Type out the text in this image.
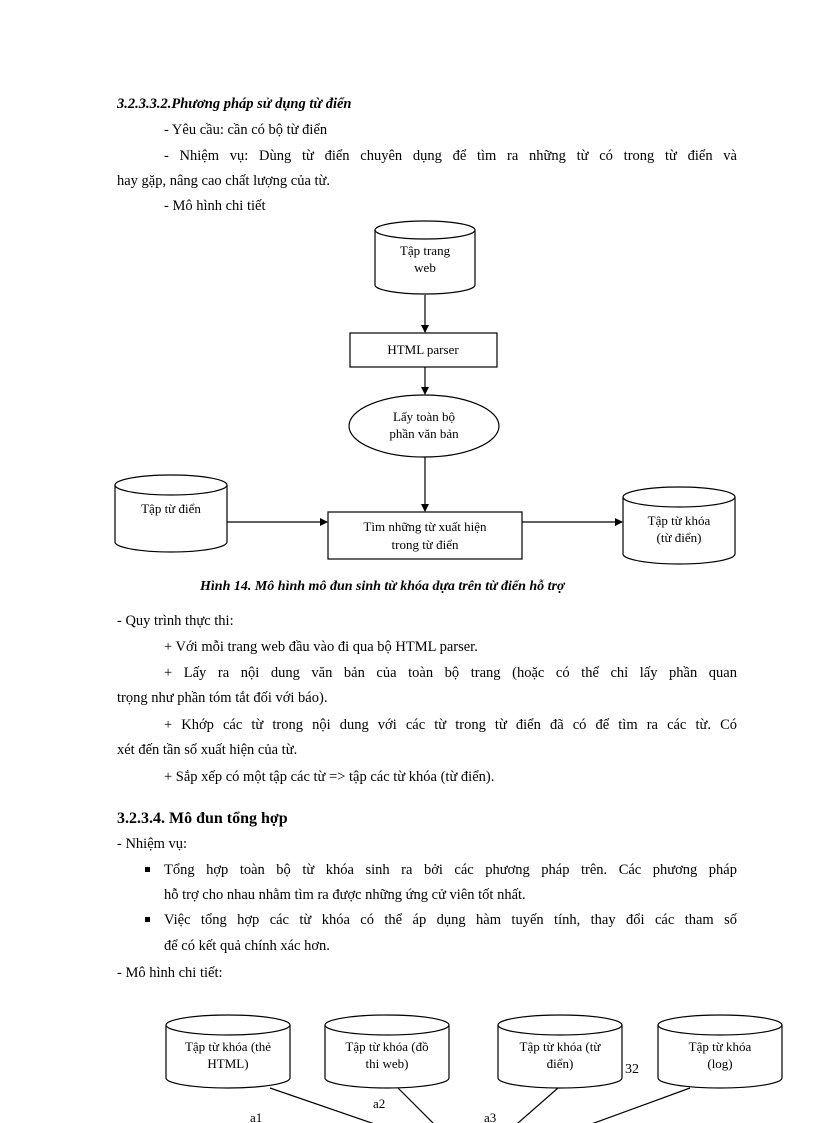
3.2.3.3.2.Phương pháp sử dụng từ điển
- Yêu cầu: cần có bộ từ điển
- Nhiệm vụ: Dùng từ điển chuyên dụng để tìm ra những từ có trong từ điển và
hay gặp, nâng cao chất lượng của từ.
- Mô hình chi tiết
Tập trang
web
HTML parser
Lấy toàn bộ
phần văn bản
Tập từ điển
Tìm những từ xuất hiện
trong từ điển
Tập từ khóa
(từ điển)
Tập từ khóa (thẻ
HTML)
Tập từ khóa (đồ
thi web)
Tập từ khóa (từ
điển)
Tập từ khóa
(log)
32
a1
a2
a3
Hình 14. Mô hình mô đun sinh từ khóa dựa trên từ điển hỗ trợ
- Quy trình thực thi:
+ Với mỗi trang web đầu vào đi qua bộ HTML parser.
+ Lấy ra nội dung văn bản của toàn bộ trang (hoặc có thể chỉ lấy phần quan
trọng như phần tóm tắt đối với báo).
+ Khớp các từ trong nội dung với các từ trong từ điển đã có để tìm ra các từ. Có
xét đến tần số xuất hiện của từ.
+ Sắp xếp có một tập các từ => tập các từ khóa (từ điển).
3.2.3.4. Mô đun tổng hợp
- Nhiệm vụ:
Tổng hợp toàn bộ từ khóa sinh ra bởi các phương pháp trên. Các phương pháp
hỗ trợ cho nhau nhằm tìm ra được những ứng cử viên tốt nhất.
Việc tổng hợp các từ khóa có thể áp dụng hàm tuyến tính, thay đổi các tham số
để có kết quả chính xác hơn.
- Mô hình chi tiết:
